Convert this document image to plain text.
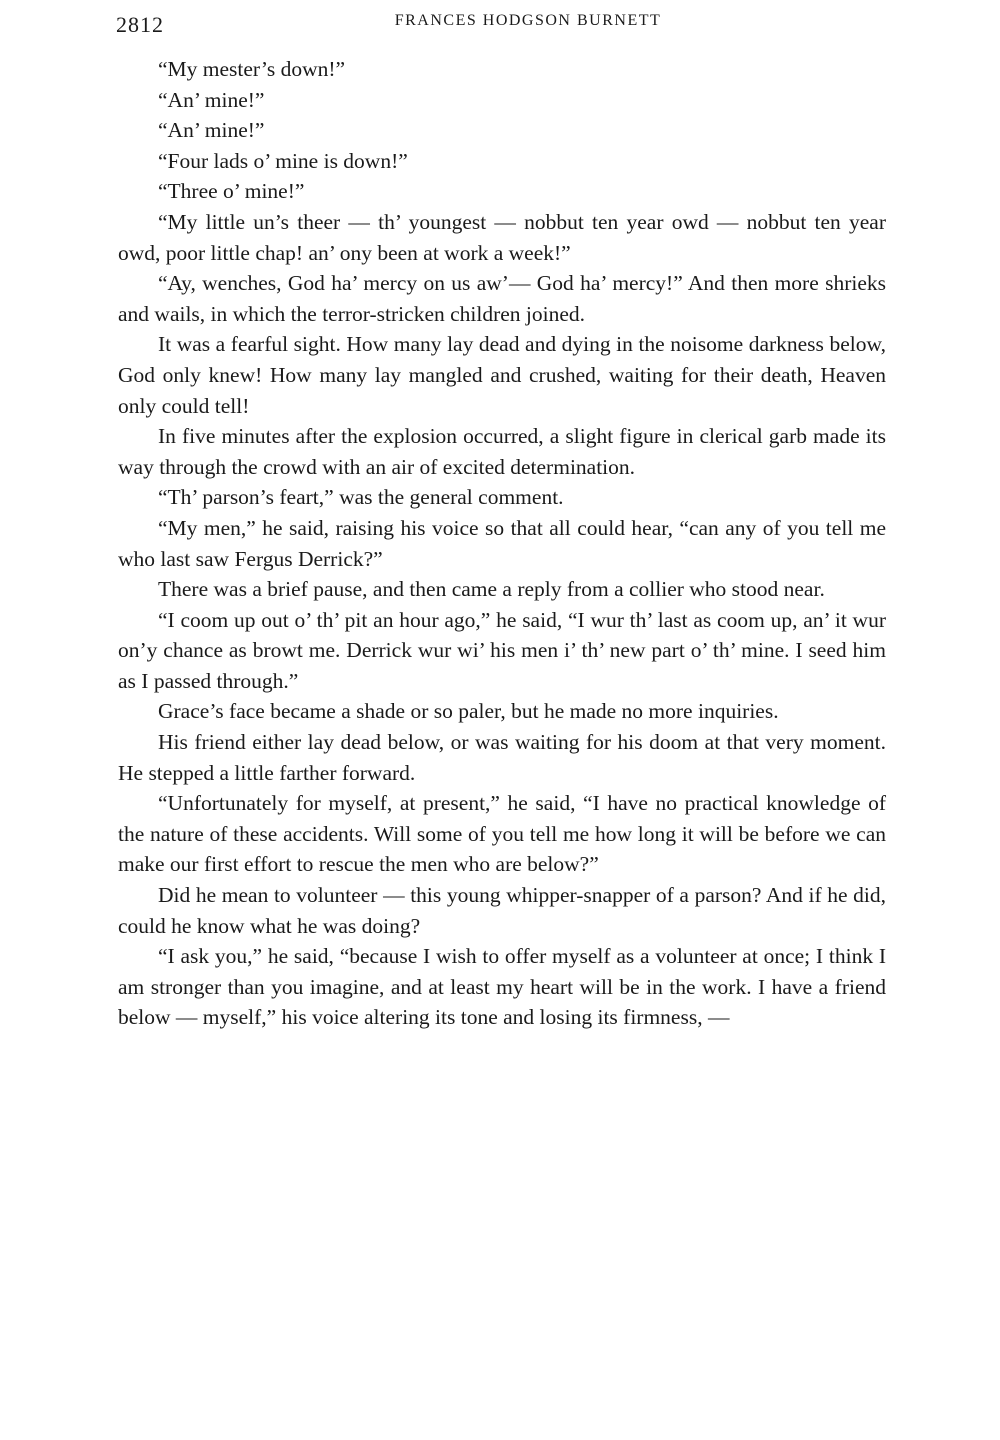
2812	FRANCES HODGSON BURNETT

“My mester’s down!”

“An’ mine!”

“An’ mine!”

“Four lads o’ mine is down!”

“Three o’ mine!”

“My little un’s theer — th’ youngest — nobbut ten year owd — nobbut ten year owd, poor little chap! an’ ony been at work a week!”

“Ay, wenches, God ha’ mercy on us aw’— God ha’ mercy!” And then more shrieks and wails, in which the terror-stricken children joined.

It was a fearful sight. How many lay dead and dying in the noisome darkness below, God only knew! How many lay mangled and crushed, waiting for their death, Heaven only could tell!

In five minutes after the explosion occurred, a slight figure in clerical garb made its way through the crowd with an air of excited determination.

“Th’ parson’s feart,” was the general comment.

“My men,” he said, raising his voice so that all could hear, “can any of you tell me who last saw Fergus Derrick?”

There was a brief pause, and then came a reply from a collier who stood near.

“I coom up out o’ th’ pit an hour ago,” he said, “I wur th’ last as coom up, an’ it wur on’y chance as browt me. Derrick wur wi’ his men i’ th’ new part o’ th’ mine. I seed him as I passed through.”

Grace’s face became a shade or so paler, but he made no more inquiries.

His friend either lay dead below, or was waiting for his doom at that very moment. He stepped a little farther forward.

“Unfortunately for myself, at present,” he said, “I have no practical knowledge of the nature of these accidents. Will some of you tell me how long it will be before we can make our first effort to rescue the men who are below?”

Did he mean to volunteer — this young whipper-snapper of a parson? And if he did, could he know what he was doing?

“I ask you,” he said, “because I wish to offer myself as a volunteer at once; I think I am stronger than you imagine, and at least my heart will be in the work. I have a friend below — myself,” his voice altering its tone and losing its firmness, —
